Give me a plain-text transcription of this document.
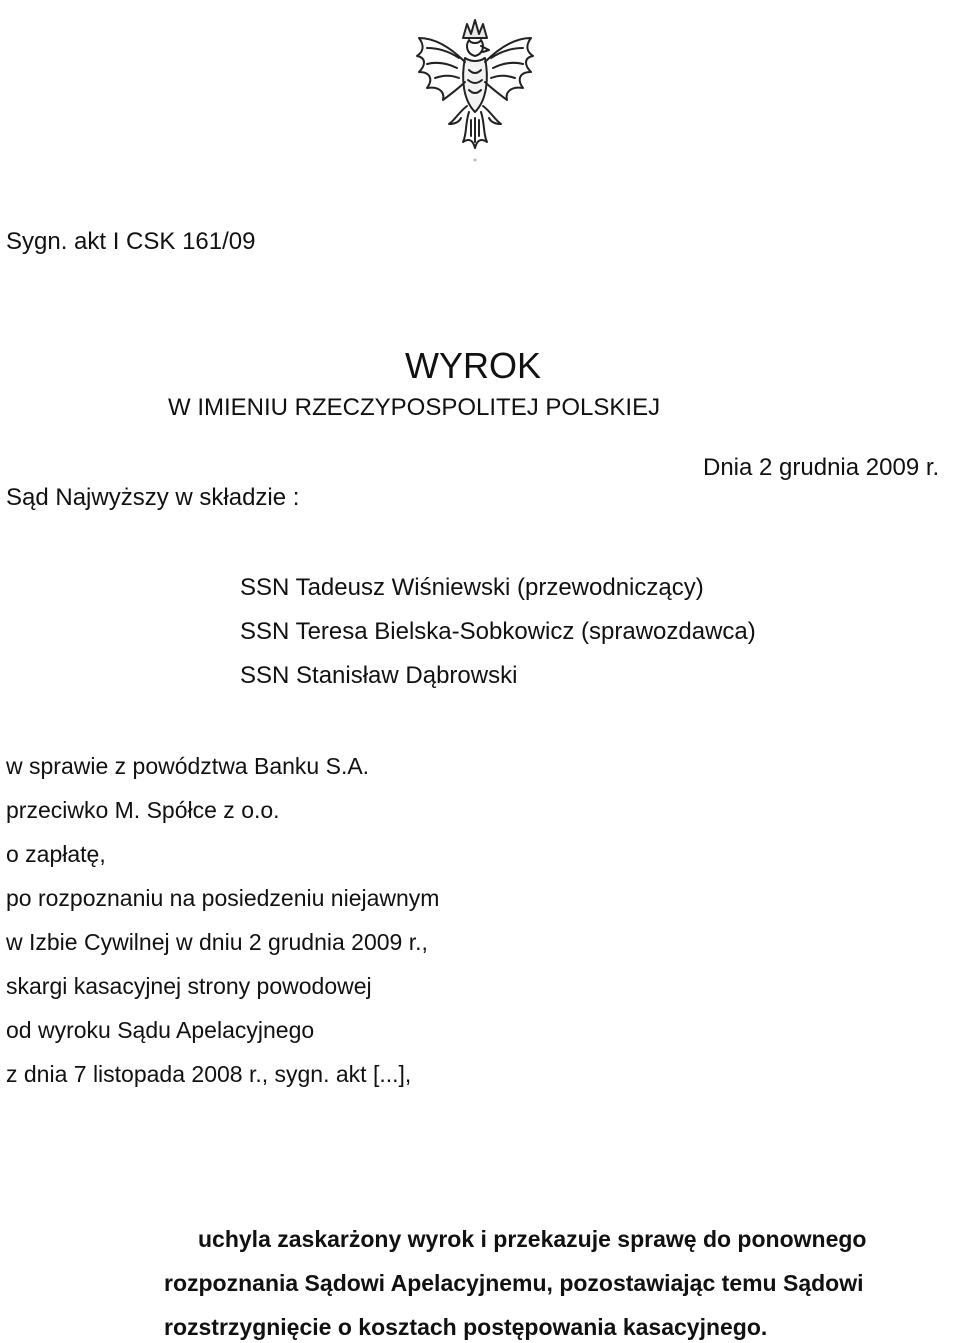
Sygn. akt I CSK 161/09
WYROK
W IMIENIU RZECZYPOSPOLITEJ POLSKIEJ
Dnia 2 grudnia 2009 r.
Sąd Najwyższy w składzie :
SSN Tadeusz Wiśniewski (przewodniczący)
SSN Teresa Bielska-Sobkowicz (sprawozdawca)
SSN Stanisław Dąbrowski
w sprawie z powództwa Banku S.A.
przeciwko M. Spółce z o.o.
o zapłatę,
po rozpoznaniu na posiedzeniu niejawnym
w Izbie Cywilnej w dniu 2 grudnia 2009 r.,
skargi kasacyjnej strony powodowej
od wyroku Sądu Apelacyjnego
z dnia 7 listopada 2008 r., sygn. akt [...],
uchyla zaskarżony wyrok i przekazuje sprawę do ponownego
rozpoznania Sądowi Apelacyjnemu, pozostawiając temu Sądowi
rozstrzygnięcie o kosztach postępowania kasacyjnego.
